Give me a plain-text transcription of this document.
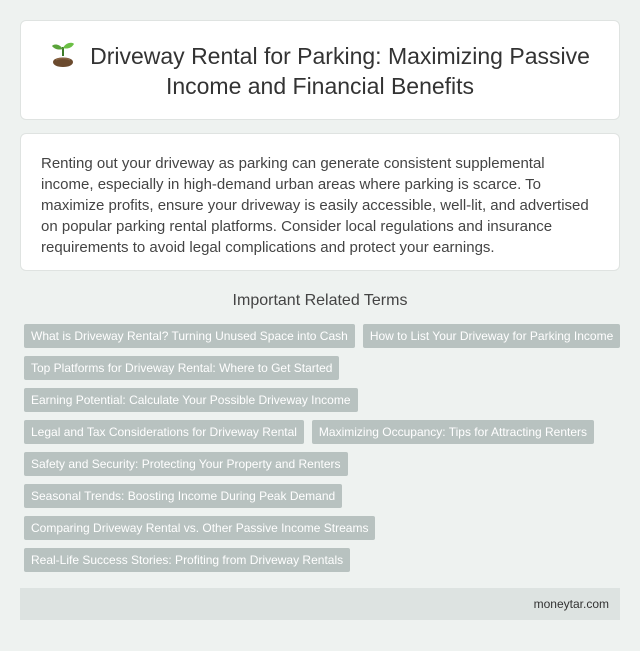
Driveway Rental for Parking: Maximizing Passive Income and Financial Benefits

Renting out your driveway as parking can generate consistent supplemental income, especially in high-demand urban areas where parking is scarce. To maximize profits, ensure your driveway is easily accessible, well-lit, and advertised on popular parking rental platforms. Consider local regulations and insurance requirements to avoid legal complications and protect your earnings.

Important Related Terms
What is Driveway Rental? Turning Unused Space into Cash	How to List Your Driveway for Parking Income
Top Platforms for Driveway Rental: Where to Get Started
Earning Potential: Calculate Your Possible Driveway Income
Legal and Tax Considerations for Driveway Rental	Maximizing Occupancy: Tips for Attracting Renters
Safety and Security: Protecting Your Property and Renters
Seasonal Trends: Boosting Income During Peak Demand
Comparing Driveway Rental vs. Other Passive Income Streams
Real-Life Success Stories: Profiting from Driveway Rentals
moneytar.com
